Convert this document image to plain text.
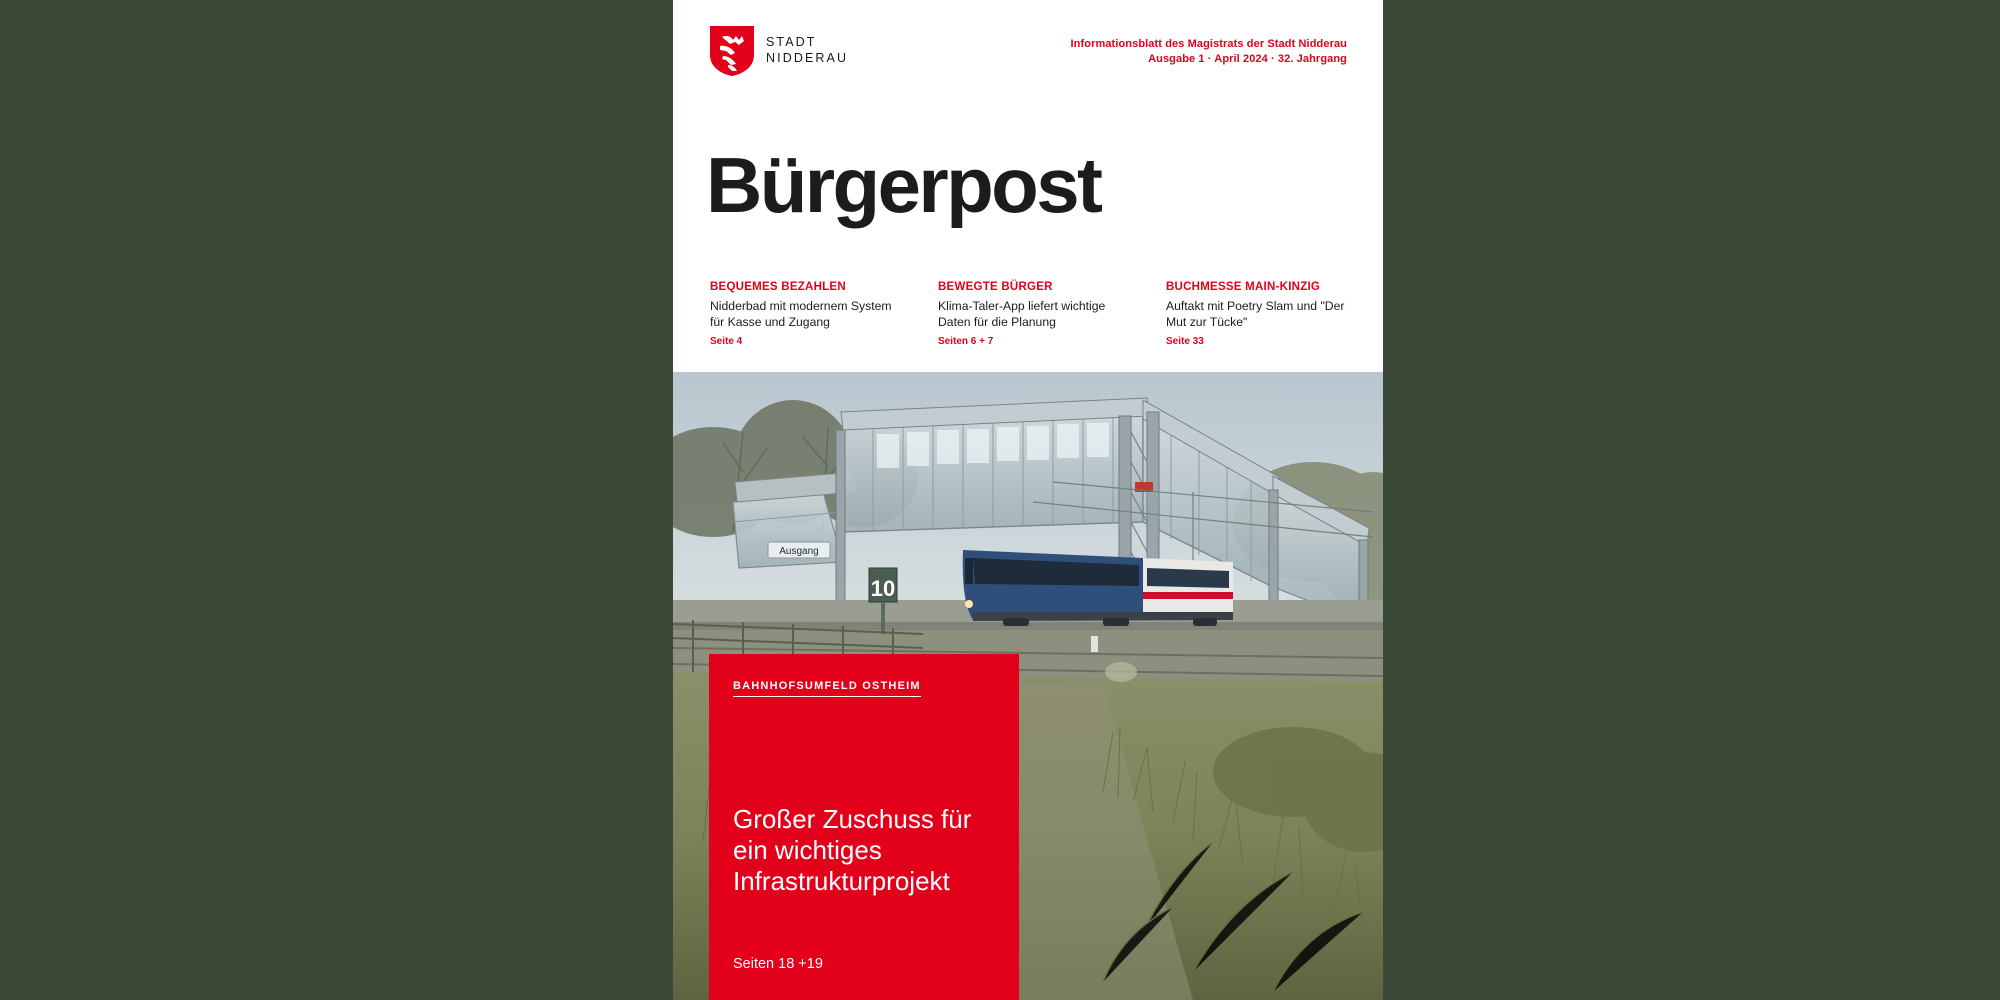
STADT
NIDDERAU
Informationsblatt des Magistrats der Stadt Nidderau
Ausgabe 1 · April 2024 · 32. Jahrgang
Bürgerpost
BEQUEMES BEZAHLEN
Nidderbad mit modernem System für Kasse und Zugang
Seite 4
BEWEGTE BÜRGER
Klima-Taler-App liefert wichtige Daten für die Planung
Seiten 6 + 7
BUCHMESSE MAIN-KINZIG
Auftakt mit Poetry Slam und "Der Mut zur Tücke"
Seite 33
Ausgang
10
BAHNHOFSUMFELD OSTHEIM
Großer Zuschuss für ein wichtiges Infrastrukturprojekt
Seiten 18 +19
